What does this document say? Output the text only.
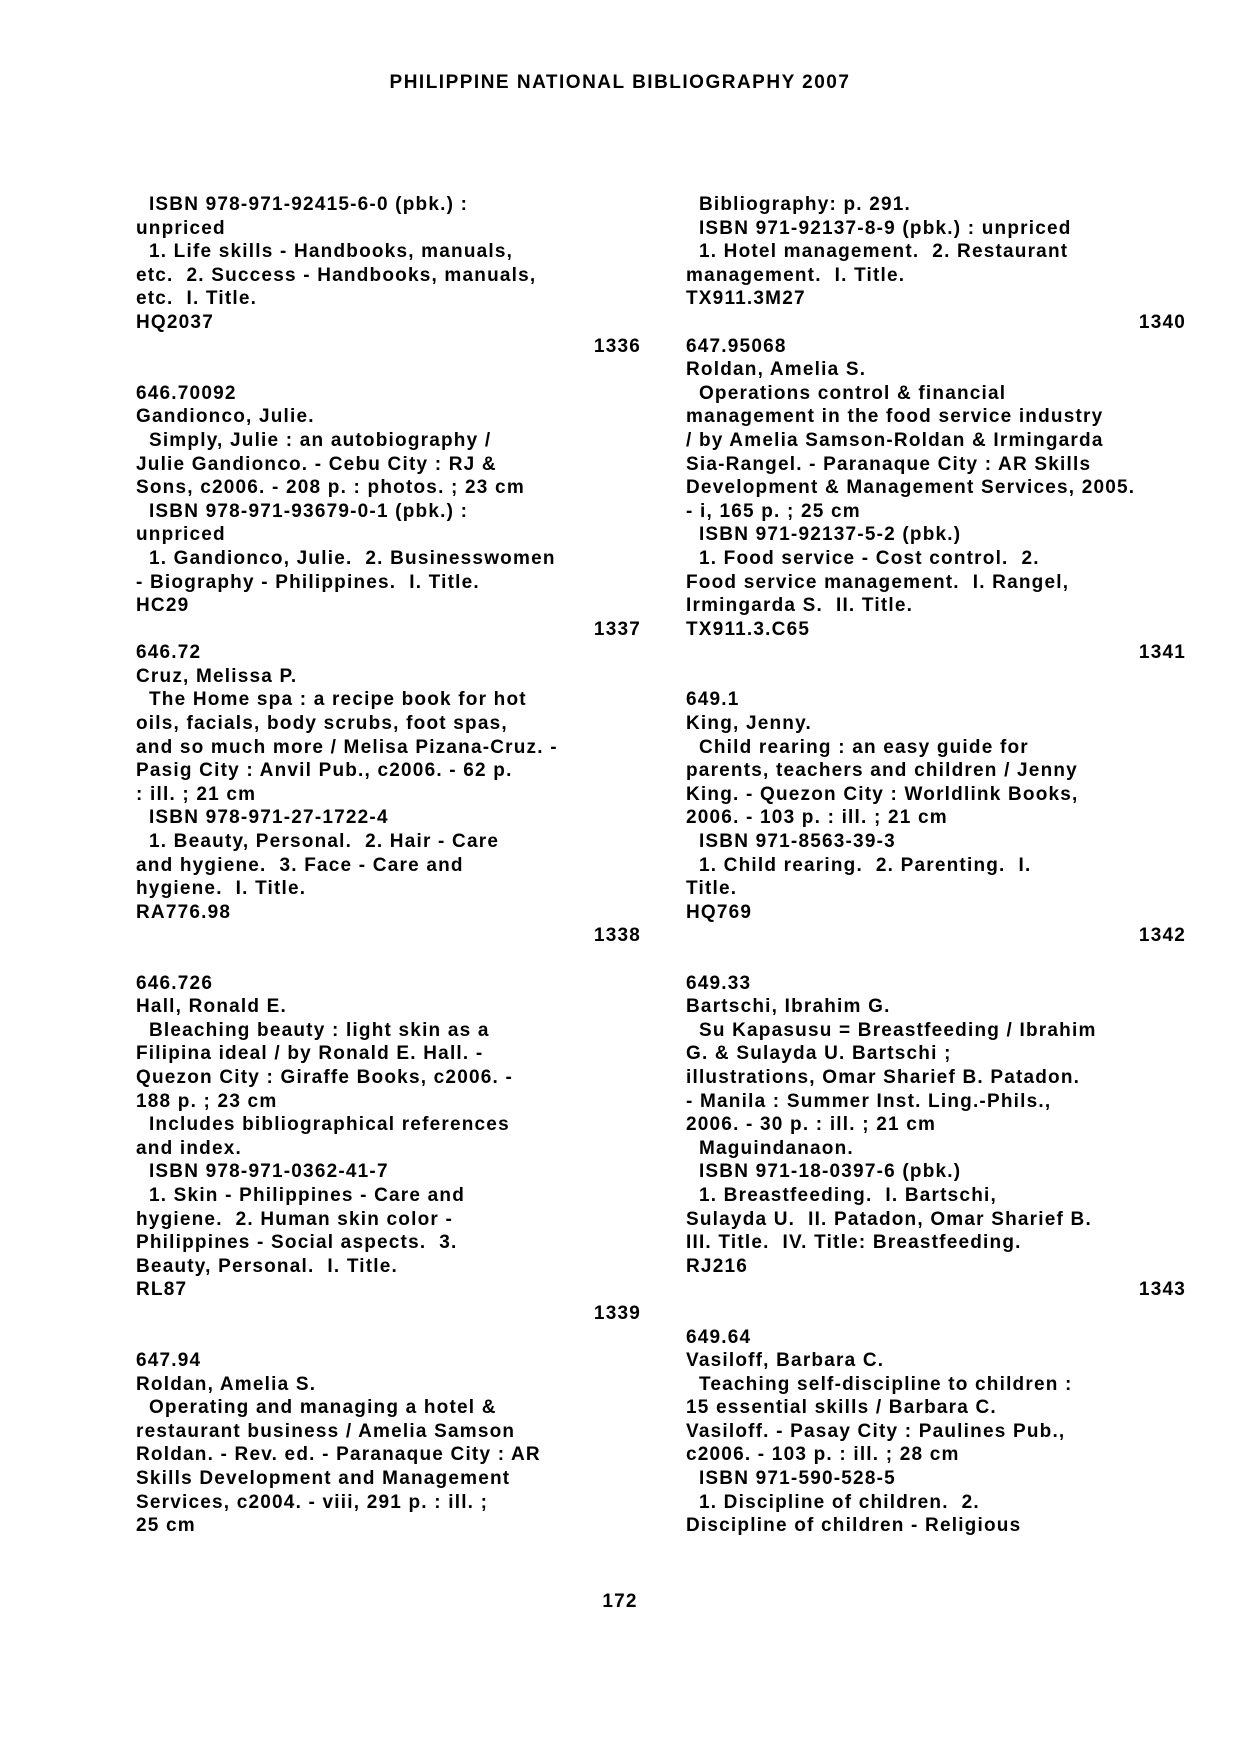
PHILIPPINE NATIONAL BIBLIOGRAPHY 2007
ISBN 978-971-92415-6-0 (pbk.) :
unpriced
1. Life skills - Handbooks, manuals,
etc.  2. Success - Handbooks, manuals,
etc.  I. Title.
HQ2037
1336
646.70092
Gandionco, Julie.
Simply, Julie : an autobiography /
Julie Gandionco. - Cebu City : RJ &
Sons, c2006. - 208 p. : photos. ; 23 cm
ISBN 978-971-93679-0-1 (pbk.) :
unpriced
1. Gandionco, Julie.  2. Businesswomen
- Biography - Philippines.  I. Title.
HC29
1337
646.72
Cruz, Melissa P.
The Home spa : a recipe book for hot
oils, facials, body scrubs, foot spas,
and so much more / Melisa Pizana-Cruz. -
Pasig City : Anvil Pub., c2006. - 62 p.
: ill. ; 21 cm
ISBN 978-971-27-1722-4
1. Beauty, Personal.  2. Hair - Care
and hygiene.  3. Face - Care and
hygiene.  I. Title.
RA776.98
1338
646.726
Hall, Ronald E.
Bleaching beauty : light skin as a
Filipina ideal / by Ronald E. Hall. -
Quezon City : Giraffe Books, c2006. -
188 p. ; 23 cm
Includes bibliographical references
and index.
ISBN 978-971-0362-41-7
1. Skin - Philippines - Care and
hygiene.  2. Human skin color -
Philippines - Social aspects.  3.
Beauty, Personal.  I. Title.
RL87
1339
647.94
Roldan, Amelia S.
Operating and managing a hotel &
restaurant business / Amelia Samson
Roldan. - Rev. ed. - Paranaque City : AR
Skills Development and Management
Services, c2004. - viii, 291 p. : ill. ;
25 cm
Bibliography: p. 291.
ISBN 971-92137-8-9 (pbk.) : unpriced
1. Hotel management.  2. Restaurant
management.  I. Title.
TX911.3M27
1340
647.95068
Roldan, Amelia S.
Operations control & financial
management in the food service industry
/ by Amelia Samson-Roldan & Irmingarda
Sia-Rangel. - Paranaque City : AR Skills
Development & Management Services, 2005.
- i, 165 p. ; 25 cm
ISBN 971-92137-5-2 (pbk.)
1. Food service - Cost control.  2.
Food service management.  I. Rangel,
Irmingarda S.  II. Title.
TX911.3.C65
1341
649.1
King, Jenny.
Child rearing : an easy guide for
parents, teachers and children / Jenny
King. - Quezon City : Worldlink Books,
2006. - 103 p. : ill. ; 21 cm
ISBN 971-8563-39-3
1. Child rearing.  2. Parenting.  I.
Title.
HQ769
1342
649.33
Bartschi, Ibrahim G.
Su Kapasusu = Breastfeeding / Ibrahim
G. & Sulayda U. Bartschi ;
illustrations, Omar Sharief B. Patadon.
- Manila : Summer Inst. Ling.-Phils.,
2006. - 30 p. : ill. ; 21 cm
Maguindanaon.
ISBN 971-18-0397-6 (pbk.)
1. Breastfeeding.  I. Bartschi,
Sulayda U.  II. Patadon, Omar Sharief B.
III. Title.  IV. Title: Breastfeeding.
RJ216
1343
649.64
Vasiloff, Barbara C.
Teaching self-discipline to children :
15 essential skills / Barbara C.
Vasiloff. - Pasay City : Paulines Pub.,
c2006. - 103 p. : ill. ; 28 cm
ISBN 971-590-528-5
1. Discipline of children.  2.
Discipline of children - Religious
172
